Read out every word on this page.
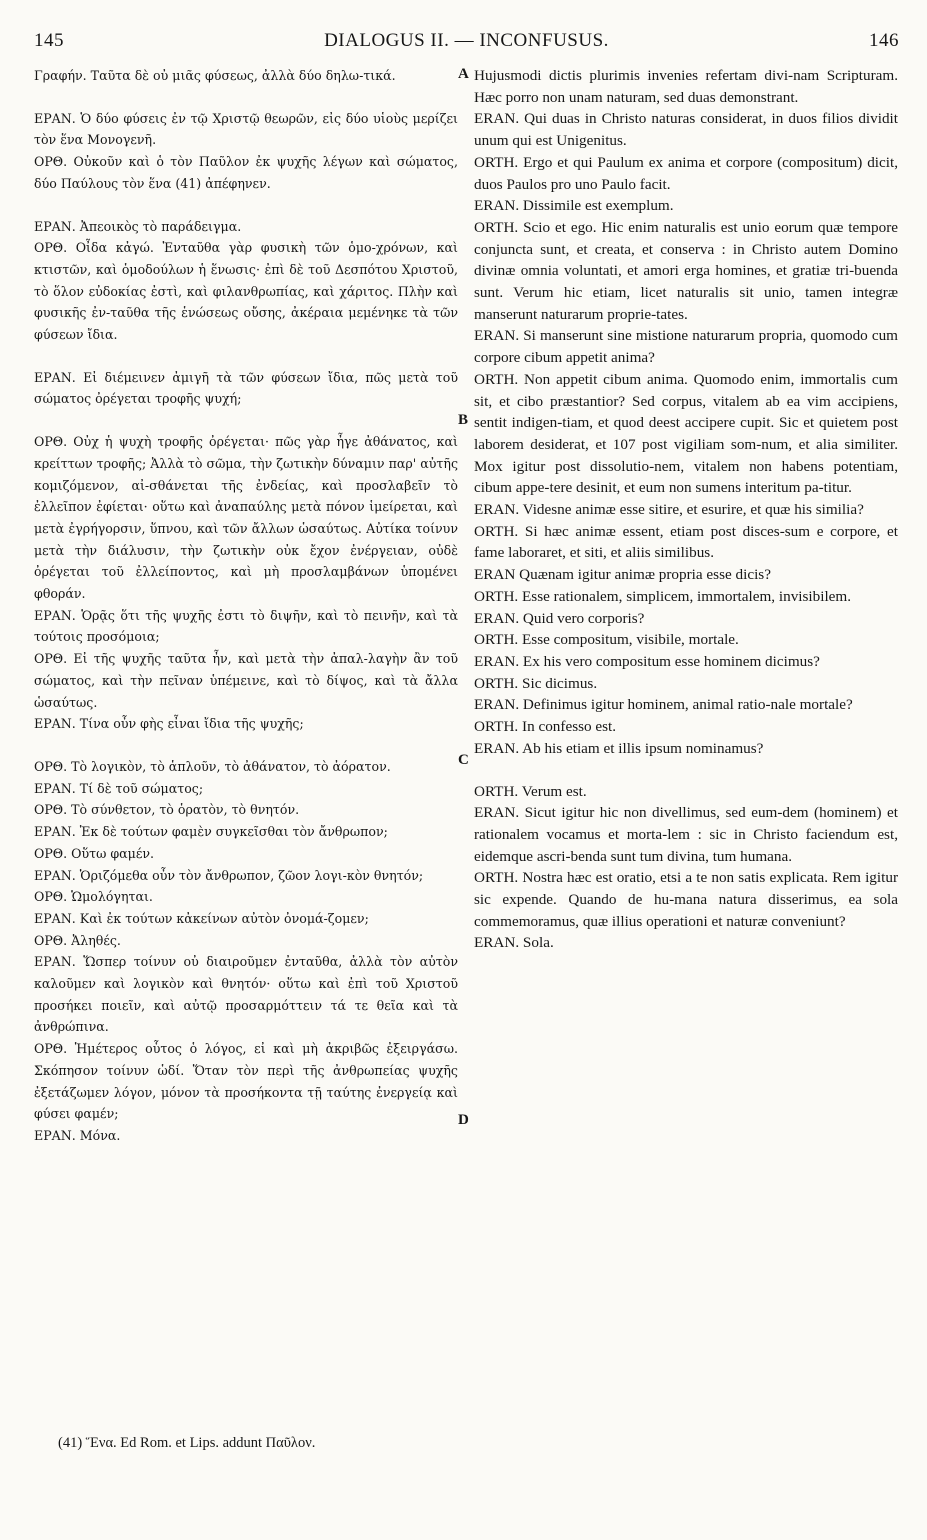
145	DIALOGUS II. — INCONFUSUS.	146

Γραφήν. Ταῦτα δὲ οὐ μιᾶς φύσεως, ἀλλὰ δύο δηλω-τικά.

ΕΡΑΝ. Ὁ δύο φύσεις ἐν τῷ Χριστῷ θεωρῶν, εἰς δύο υἱοὺς μερίζει τὸν ἕνα Μονογενῆ.

ΟΡΘ. Οὐκοῦν καὶ ὁ τὸν Παῦλον ἐκ ψυχῆς λέγων καὶ σώματος, δύο Παύλους τὸν ἕνα (41) ἀπέφηνεν.

ΕΡΑΝ. Ἀπεοικὸς τὸ παράδειγμα.

ΟΡΘ. Οἶδα κἀγώ. Ἐνταῦθα γὰρ φυσικὴ τῶν ὁμο-χρόνων, καὶ κτιστῶν, καὶ ὁμοδούλων ἡ ἕνωσις· ἐπὶ δὲ τοῦ Δεσπότου Χριστοῦ, τὸ ὅλον εὐδοκίας ἐστὶ, καὶ φιλανθρωπίας, καὶ χάριτος. Πλὴν καὶ φυσικῆς ἐν-ταῦθα τῆς ἑνώσεως οὔσης, ἀκέραια μεμένηκε τὰ τῶν φύσεων ἴδια.

ΕΡΑΝ. Εἰ διέμεινεν ἀμιγῆ τὰ τῶν φύσεων ἴδια, πῶς μετὰ τοῦ σώματος ὀρέγεται τροφῆς ψυχή;

ΟΡΘ. Οὐχ ἡ ψυχὴ τροφῆς ὀρέγεται· πῶς γὰρ ἦγε ἀθάνατος, καὶ κρείττων τροφῆς; Ἀλλὰ τὸ σῶμα, τὴν ζωτικὴν δύναμιν παρ' αὐτῆς κομιζόμενον, αἰ-σθάνεται τῆς ἐνδείας, καὶ προσλαβεῖν τὸ ἐλλεῖπον ἐφίεται· οὕτω καὶ ἀναπαύλης μετὰ πόνον ἱμείρεται, καὶ μετὰ ἐγρήγορσιν, ὕπνου, καὶ τῶν ἄλλων ὡσαύτως. Αὐτίκα τοίνυν μετὰ τὴν διάλυσιν, τὴν ζωτικὴν οὐκ ἔχον ἐνέργειαν, οὐδὲ ὀρέγεται τοῦ ἐλλείποντος, καὶ μὴ προσλαμβάνων ὑπομένει φθοράν.

ΕΡΑΝ. Ὁρᾷς ὅτι τῆς ψυχῆς ἐστι τὸ διψῆν, καὶ τὸ πεινῆν, καὶ τὰ τούτοις προσόμοια;

ΟΡΘ. Εἰ τῆς ψυχῆς ταῦτα ἦν, καὶ μετὰ τὴν ἀπαλ-λαγὴν ἂν τοῦ σώματος, καὶ τὴν πεῖναν ὑπέμεινε, καὶ τὸ δίψος, καὶ τὰ ἄλλα ὡσαύτως.

ΕΡΑΝ. Τίνα οὖν φὴς εἶναι ἴδια τῆς ψυχῆς;

ΟΡΘ. Τὸ λογικὸν, τὸ ἁπλοῦν, τὸ ἀθάνατον, τὸ ἀόρατον.

ΕΡΑΝ. Τί δὲ τοῦ σώματος;

ΟΡΘ. Τὸ σύνθετον, τὸ ὁρατὸν, τὸ θνητόν.

ΕΡΑΝ. Ἐκ δὲ τούτων φαμὲν συγκεῖσθαι τὸν ἄνθρωπον;

ΟΡΘ. Οὕτω φαμέν.

ΕΡΑΝ. Ὁριζόμεθα οὖν τὸν ἄνθρωπον, ζῶον λογι-κὸν θνητόν;

ΟΡΘ. Ὡμολόγηται.

ΕΡΑΝ. Καὶ ἐκ τούτων κἀκείνων αὐτὸν ὀνομά-ζομεν;

ΟΡΘ. Ἀληθές.

ΕΡΑΝ. Ὥσπερ τοίνυν οὐ διαιροῦμεν ἐνταῦθα, ἀλλὰ τὸν αὐτὸν καλοῦμεν καὶ λογικὸν καὶ θνητόν· οὕτω καὶ ἐπὶ τοῦ Χριστοῦ προσήκει ποιεῖν, καὶ αὐτῷ προσαρμόττειν τά τε θεῖα καὶ τὰ ἀνθρώπινα.

ΟΡΘ. Ἡμέτερος οὗτος ὁ λόγος, εἰ καὶ μὴ ἀκριβῶς ἐξειργάσω. Σκόπησον τοίνυν ὡδί. Ὅταν τὸν περὶ τῆς ἀνθρωπείας ψυχῆς ἐξετάζωμεν λόγον, μόνον τὰ προσήκοντα τῇ ταύτης ἐνεργείᾳ καὶ φύσει φαμέν;

ΕΡΑΝ. Μόνα.

Hujusmodi dictis plurimis invenies refertam divi-nam Scripturam. Hæc porro non unam naturam, sed duas demonstrant.

ERAN. Qui duas in Christo naturas considerat, in duos filios dividit unum qui est Unigenitus.

ORTH. Ergo et qui Paulum ex anima et corpore (compositum) dicit, duos Paulos pro uno Paulo facit.

ERAN. Dissimile est exemplum.

ORTH. Scio et ego. Hic enim naturalis est unio eorum quæ tempore conjuncta sunt, et creata, et conserva : in Christo autem Domino divinæ omnia voluntati, et amori erga homines, et gratiæ tri-buenda sunt. Verum hic etiam, licet naturalis sit unio, tamen integræ manserunt naturarum proprie-tates.

ERAN. Si manserunt sine mistione naturarum propria, quomodo cum corpore cibum appetit anima?

ORTH. Non appetit cibum anima. Quomodo enim, immortalis cum sit, et cibo præstantior? Sed corpus, vitalem ab ea vim accipiens, sentit indigen-tiam, et quod deest accipere cupit. Sic et quietem post laborem desiderat, et 107 post vigiliam som-num, et alia similiter. Mox igitur post dissolutio-nem, vitalem non habens potentiam, cibum appe-tere desinit, et eum non sumens interitum pa-titur.

ERAN. Videsne animæ esse sitire, et esurire, et quæ his similia?

ORTH. Si hæc animæ essent, etiam post disces-sum e corpore, et fame laboraret, et siti, et aliis similibus.

ERAN Quænam igitur animæ propria esse dicis?

ORTH. Esse rationalem, simplicem, immortalem, invisibilem.

ERAN. Quid vero corporis?

ORTH. Esse compositum, visibile, mortale.

ERAN. Ex his vero compositum esse hominem dicimus?

ORTH. Sic dicimus.

ERAN. Definimus igitur hominem, animal ratio-nale mortale?

ORTH. In confesso est.

ERAN. Ab his etiam et illis ipsum nominamus?

ORTH. Verum est.

ERAN. Sicut igitur hic non divellimus, sed eum-dem (hominem) et rationalem vocamus et morta-lem : sic in Christo faciendum est, eidemque ascri-benda sunt tum divina, tum humana.

ORTH. Nostra hæc est oratio, etsi a te non satis explicata. Rem igitur sic expende. Quando de hu-mana natura disserimus, ea sola commemoramus, quæ illius operationi et naturæ conveniunt?

ERAN. Sola.

A
B
C
D
(41) Ἕνα. Ed Rom. et Lips. addunt Παῦλον.
